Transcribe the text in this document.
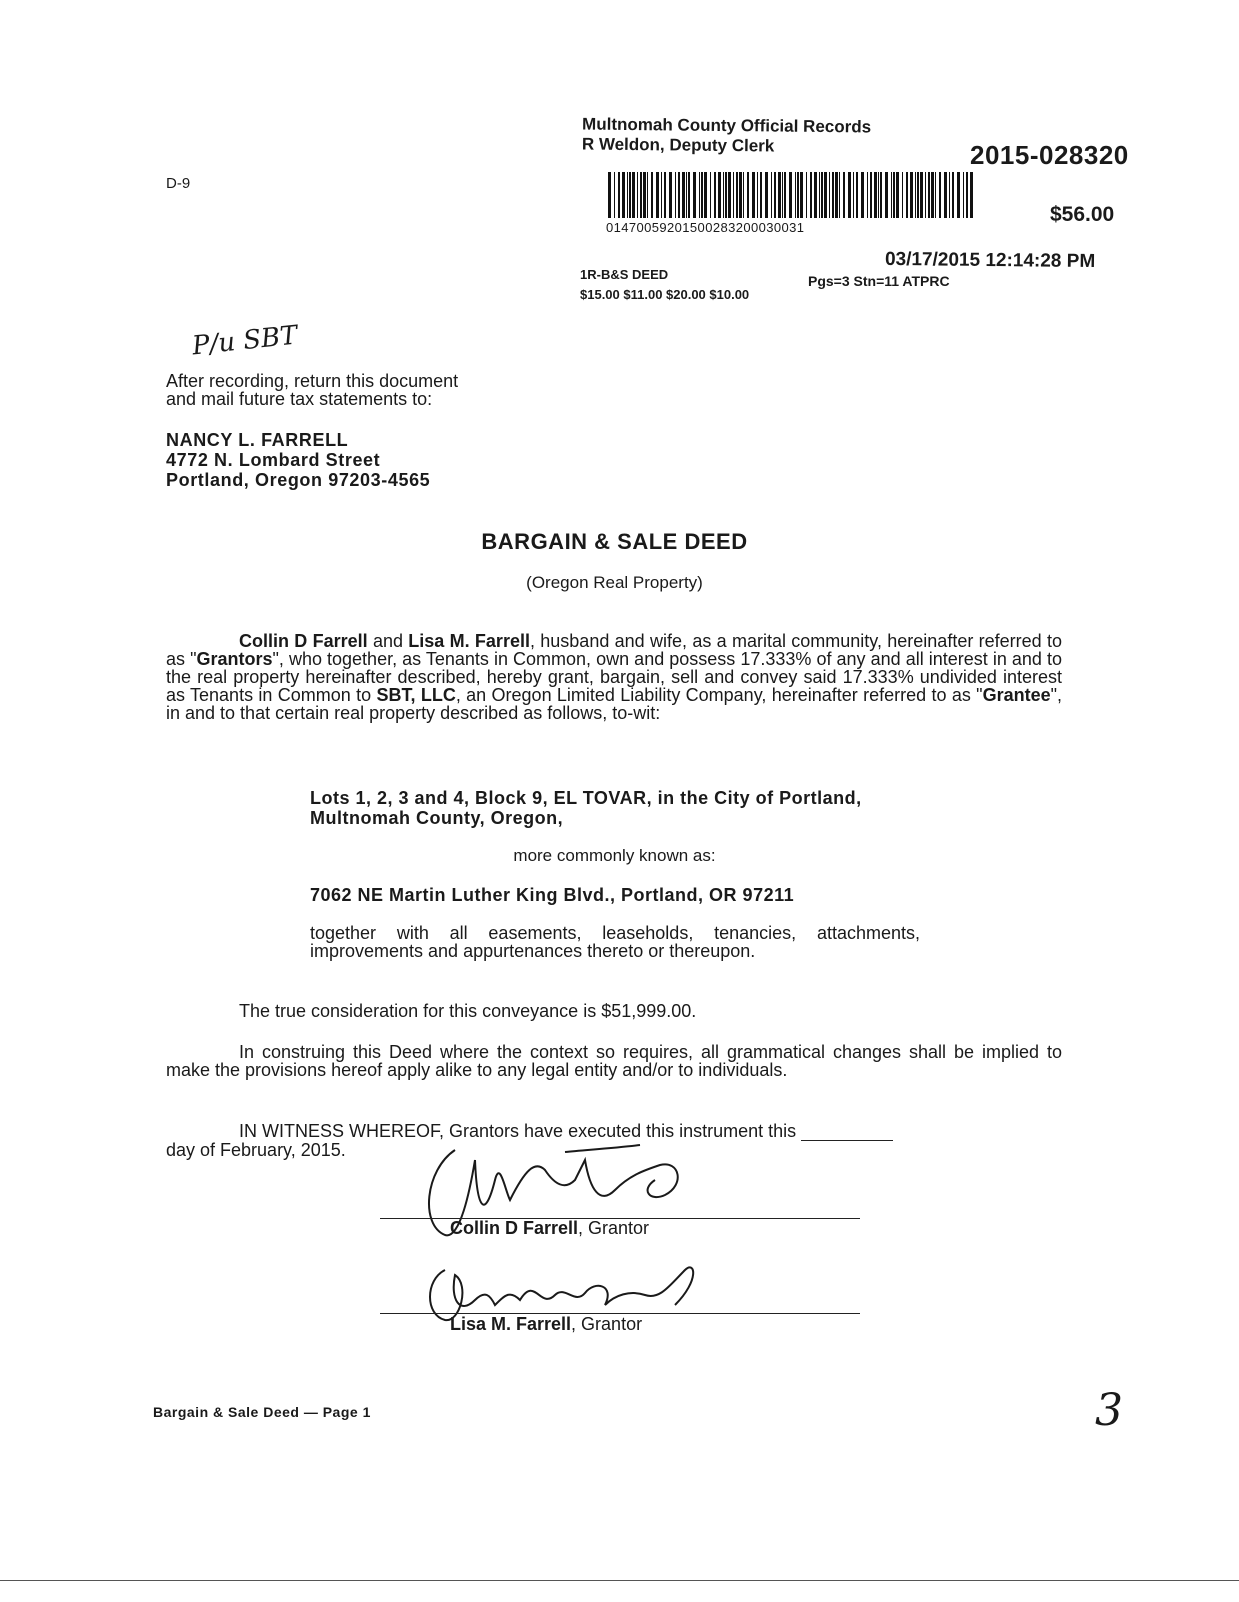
Multnomah County Official Records
R Weldon, Deputy Clerk	2015-028320
$56.00
01470059201500283200030031
03/17/2015 12:14:28 PM
1R-B&S DEED
$15.00 $11.00 $20.00 $10.00
Pgs=3 Stn=11 ATPRC
D-9
P/u SBT
After recording, return this document
and mail future tax statements to:
NANCY L. FARRELL
4772 N. Lombard Street
Portland, Oregon 97203-4565
BARGAIN & SALE DEED
(Oregon Real Property)
Collin D Farrell and Lisa M. Farrell, husband and wife, as a marital community, hereinafter referred to as "Grantors", who together, as Tenants in Common, own and possess 17.333% of any and all interest in and to the real property hereinafter described, hereby grant, bargain, sell and convey said 17.333% undivided interest as Tenants in Common to SBT, LLC, an Oregon Limited Liability Company, hereinafter referred to as "Grantee", in and to that certain real property described as follows, to-wit:
Lots 1, 2, 3 and 4, Block 9, EL TOVAR, in the City of Portland, Multnomah County, Oregon,
more commonly known as:
7062 NE Martin Luther King Blvd., Portland, OR 97211
together with all easements, leaseholds, tenancies, attachments, improvements and appurtenances thereto or thereupon.
The true consideration for this conveyance is $51,999.00.
In construing this Deed where the context so requires, all grammatical changes shall be implied to make the provisions hereof apply alike to any legal entity and/or to individuals.
IN WITNESS WHEREOF, Grantors have executed this instrument this
day of February, 2015.
Collin D Farrell, Grantor
Lisa M. Farrell, Grantor
Bargain & Sale Deed — Page 1	3
